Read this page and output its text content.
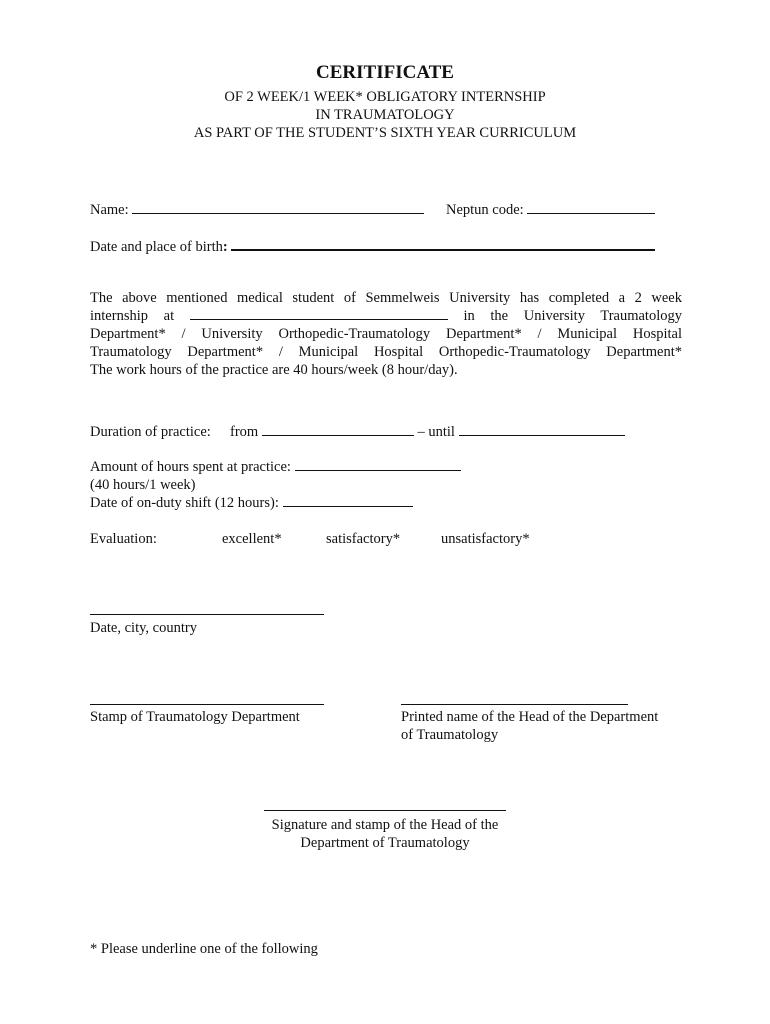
CERITIFICATE
OF 2 WEEK/1 WEEK* OBLIGATORY INTERNSHIP
IN TRAUMATOLOGY
AS PART OF THE STUDENT’S SIXTH YEAR CURRICULUM
Name:	Neptun code:
Date and place of birth:
The above mentioned medical student of Semmelweis University has completed a 2 week
internship at	in the University Traumatology
Department* / University Orthopedic-Traumatology Department* / Municipal Hospital
Traumatology Department* / Municipal Hospital Orthopedic-Traumatology Department*
The work hours of the practice are 40 hours/week (8 hour/day).
Duration of practice: from	– until
Amount of hours spent at practice:
(40 hours/1 week)
Date of on-duty shift (12 hours):
Evaluation:	excellent*	satisfactory*	unsatisfactory*
Date, city, country
Stamp of Traumatology Department	Printed name of the Head of the Department
of Traumatology
Signature and stamp of the Head of the
Department of Traumatology
* Please underline one of the following
